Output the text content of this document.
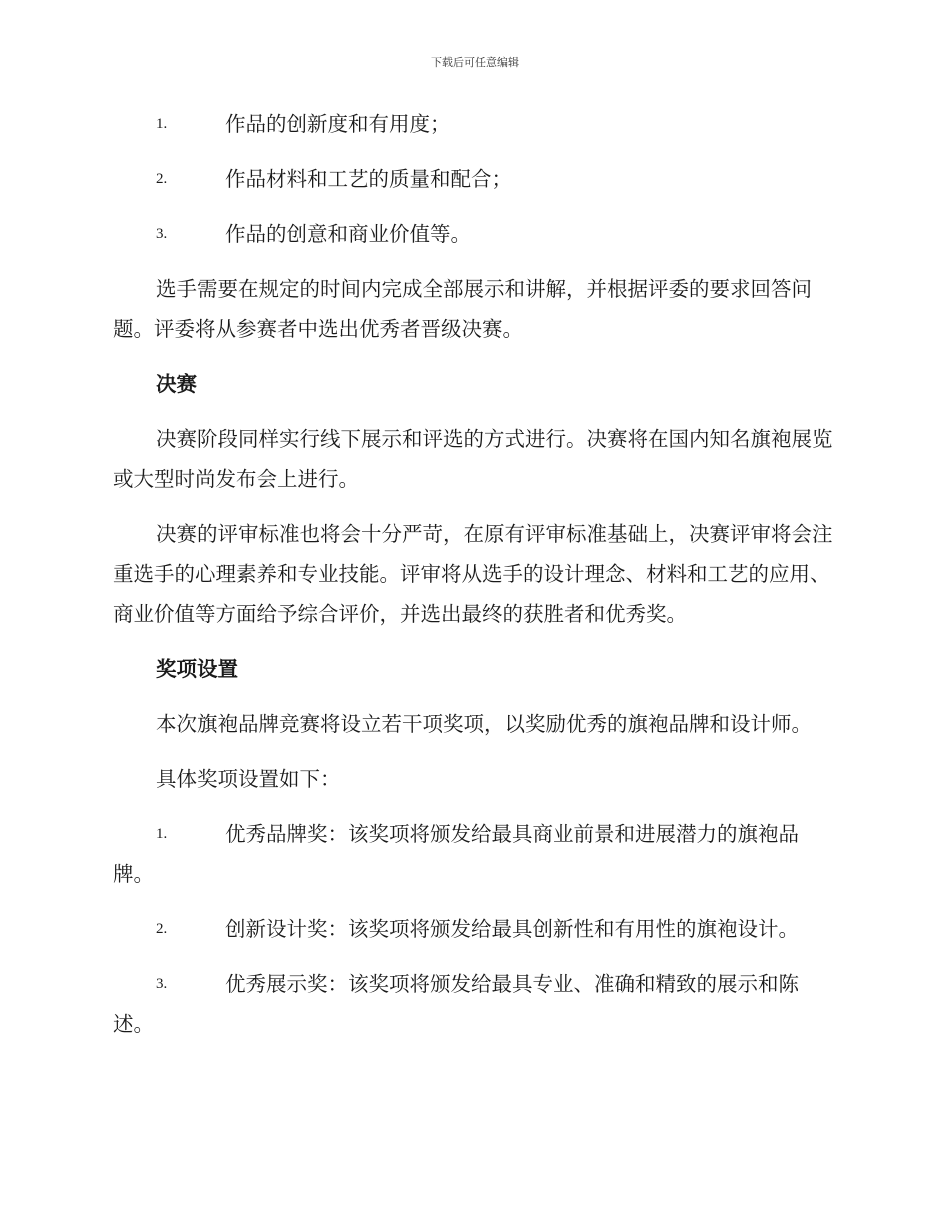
下载后可任意编辑
1.	作品的创新度和有用度；
2.	作品材料和工艺的质量和配合；
3.	作品的创意和商业价值等。

选手需要在规定的时间内完成全部展示和讲解，并根据评委的要求回答问题。评委将从参赛者中选出优秀者晋级决赛。

决赛

决赛阶段同样实行线下展示和评选的方式进行。决赛将在国内知名旗袍展览或大型时尚发布会上进行。

决赛的评审标准也将会十分严苛，在原有评审标准基础上，决赛评审将会注重选手的心理素养和专业技能。评审将从选手的设计理念、材料和工艺的应用、商业价值等方面给予综合评价，并选出最终的获胜者和优秀奖。

奖项设置

本次旗袍品牌竞赛将设立若干项奖项，以奖励优秀的旗袍品牌和设计师。

具体奖项设置如下：

1.	优秀品牌奖：该奖项将颁发给最具商业前景和进展潜力的旗袍品牌。
2.	创新设计奖：该奖项将颁发给最具创新性和有用性的旗袍设计。
3.	优秀展示奖：该奖项将颁发给最具专业、准确和精致的展示和陈述。
